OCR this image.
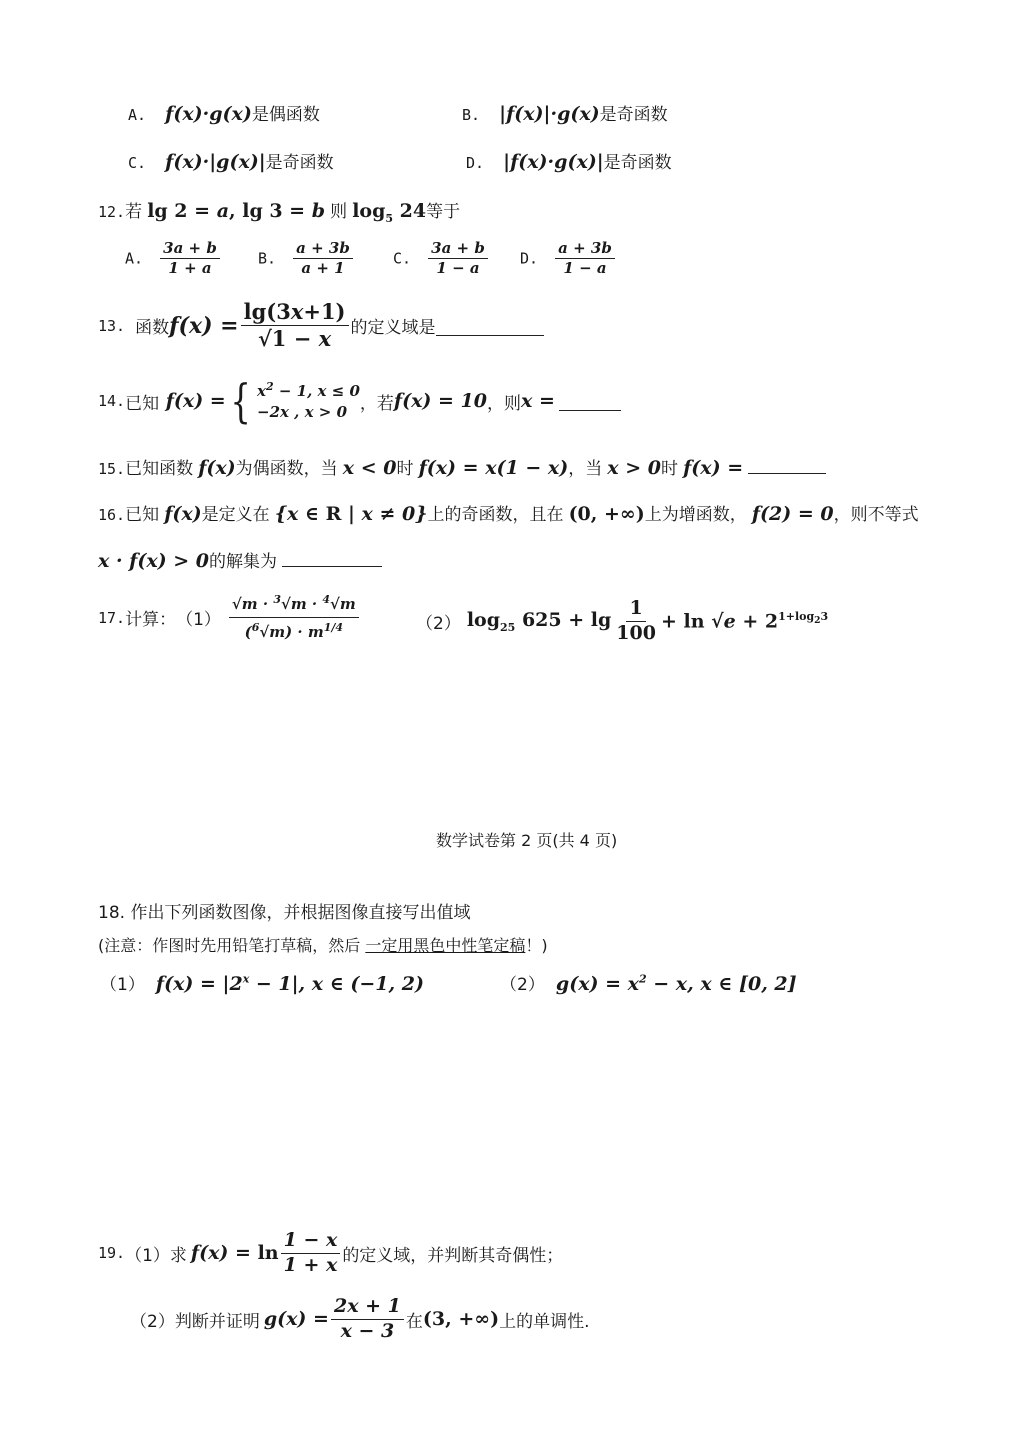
A. f(x)·g(x)是偶函数	B. |f(x)|·g(x)是奇函数
C. f(x)·|g(x)|是奇函数	D. |f(x)·g(x)|是奇函数
12.若 lg 2 = a, lg 3 = b 则 $\log_5 24$等于
A. $\frac{3a + b}{1 + a}$	B. $\frac{a + 3b}{a + 1}$	C. $\frac{3a + b}{1 - a} D$. $\frac{a + 3b}{1 - a}$
13. 函数 $f(x) = \frac{\lg(3x+1)}{√1 - x}$ 的定义域是
14. 已知 f(x) = { $x^2 - 1$, x ≤ 0
−2x , x > 0 ，若 f(x) = 10 ，则 x =
15.已知函数 f(x)为偶函数，当 x < 0时 f(x) = x(1 − x)，当 x > 0时 f(x) =
16.已知 f(x)是定义在 {x ∈ R | x ≠ 0}上的奇函数，且在 (0, +∞)上为增函数， f(2) = 0，则不等式
x · f(x) > 0的解集为
17. 计算： $(1) \frac{√m \cdot ^3√m \cdot ^4√m}{(^6√m) \cdot m^{1/4}}$	（2） $\log_{25} 625 + \lg \frac{1}{100} + \ln √e + 2^{1+log_23}$
数学试卷第 2 页(共 4 页)
18. 作出下列函数图像，并根据图像直接写出值域
(注意：作图时先用铅笔打草稿，然后 一定用黑色中性笔定稿！)
（1） $f(x) = |2^x - 1|$, x ∈ (−1, 2)	（2） $g(x) = x^2 - x$, x ∈ [0, 2]
19. （1）求 $f(x) = \ln \frac{1 - x}{1 + x}$ 的定义域，并判断其奇偶性；
（2）判断并证明 $g(x) = \frac{2x + 1}{x - 3}$ 在 (3, +∞) 上的单调性.
